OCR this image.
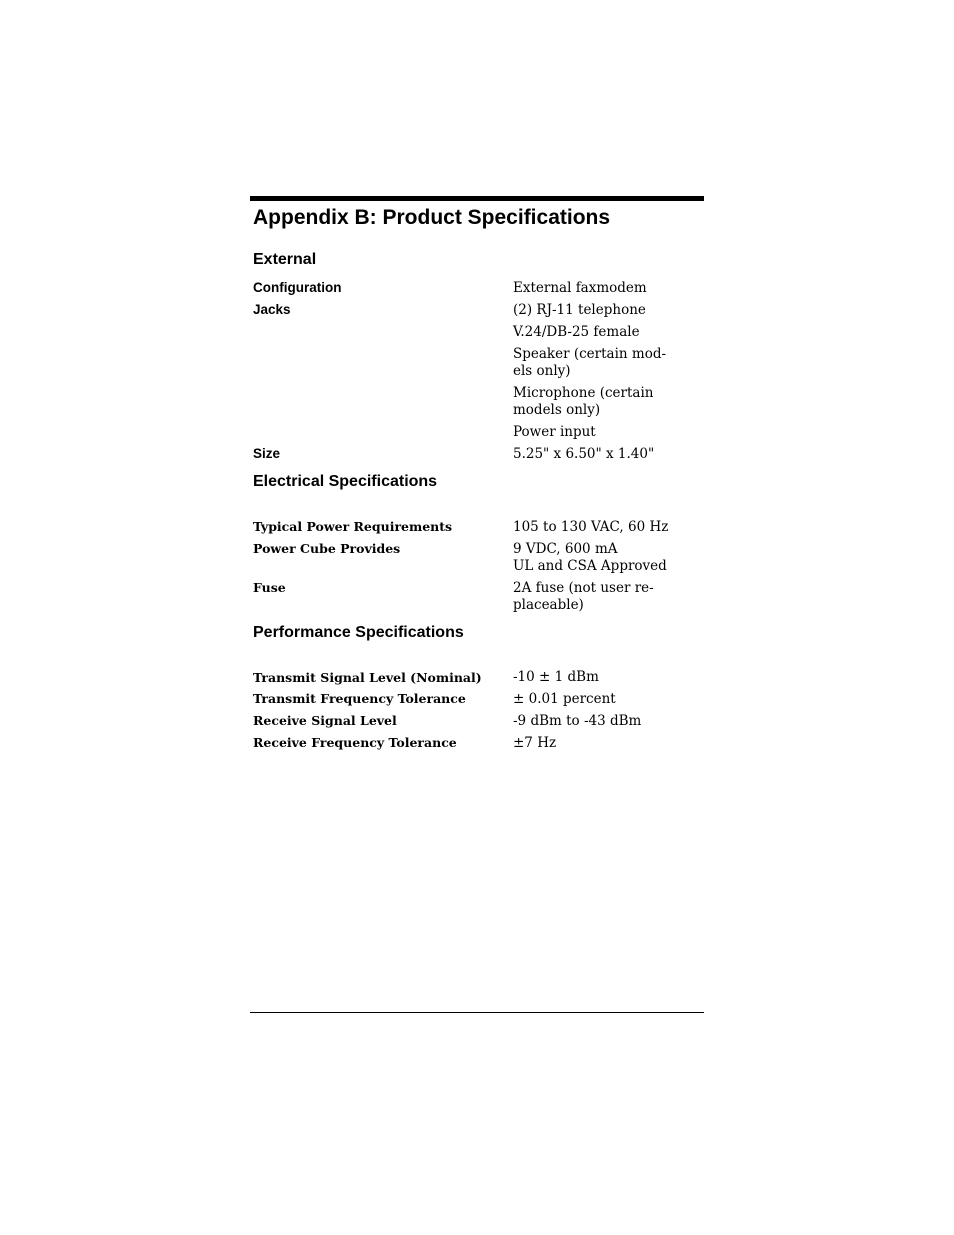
Appendix B: Product Specifications
External
Configuration	External faxmodem
Jacks	(2) RJ-11 telephone
V.24/DB-25 female
Speaker (certain mod-
els only)
Microphone (certain
models only)
Power input
Size	5.25" x 6.50" x 1.40"
Electrical Specifications
Typical Power Requirements	105 to 130 VAC, 60 Hz
Power Cube Provides	9 VDC, 600 mA
UL and CSA Approved
Fuse	2A fuse (not user re-
placeable)
Performance Specifications
Transmit Signal Level (Nominal) -10 ± 1 dBm
Transmit Frequency Tolerance	± 0.01 percent
Receive Signal Level	-9 dBm to -43 dBm
Receive Frequency Tolerance	±7 Hz
